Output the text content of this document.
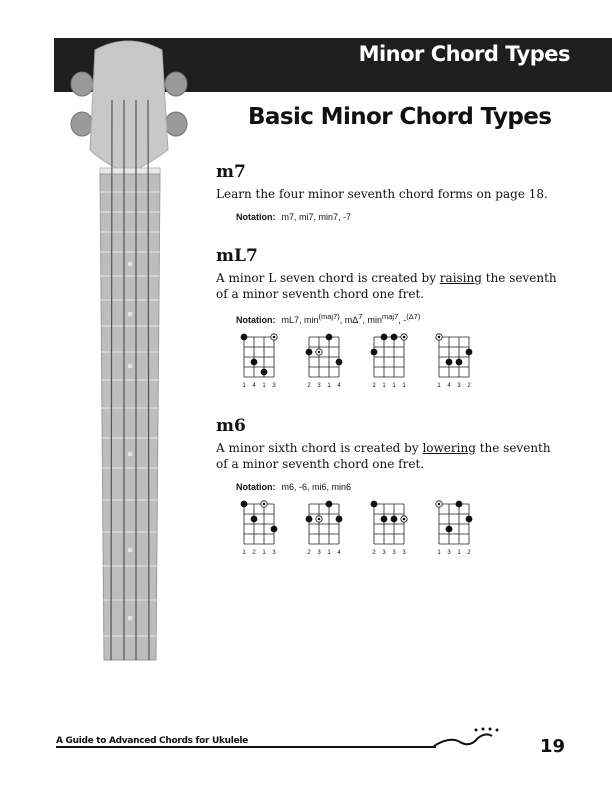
Minor Chord Types
Basic Minor Chord Types
m7

Learn the four minor seventh chord forms on page 18.

Notation: m7, mi7, min7, -7
mL7

A minor L seven chord is created by raising the seventh of a minor seventh chord one fret.

Notation: mL7, $\min^{(maj7)}$, $m\Delta^7$, $\min^{maj7}$, -$^{(\Delta 7)}$
1 4 1 3	2 3 1 4	2 1 1 1	1 4 3 2
m6

A minor sixth chord is created by lowering the seventh of a minor seventh chord one fret.

Notation: m6, -6, mi6, min6
1 2 1 3	2 3 1 4	2 3 3 3	1 3 1 2
A Guide to Advanced Chords for Ukulele	19
